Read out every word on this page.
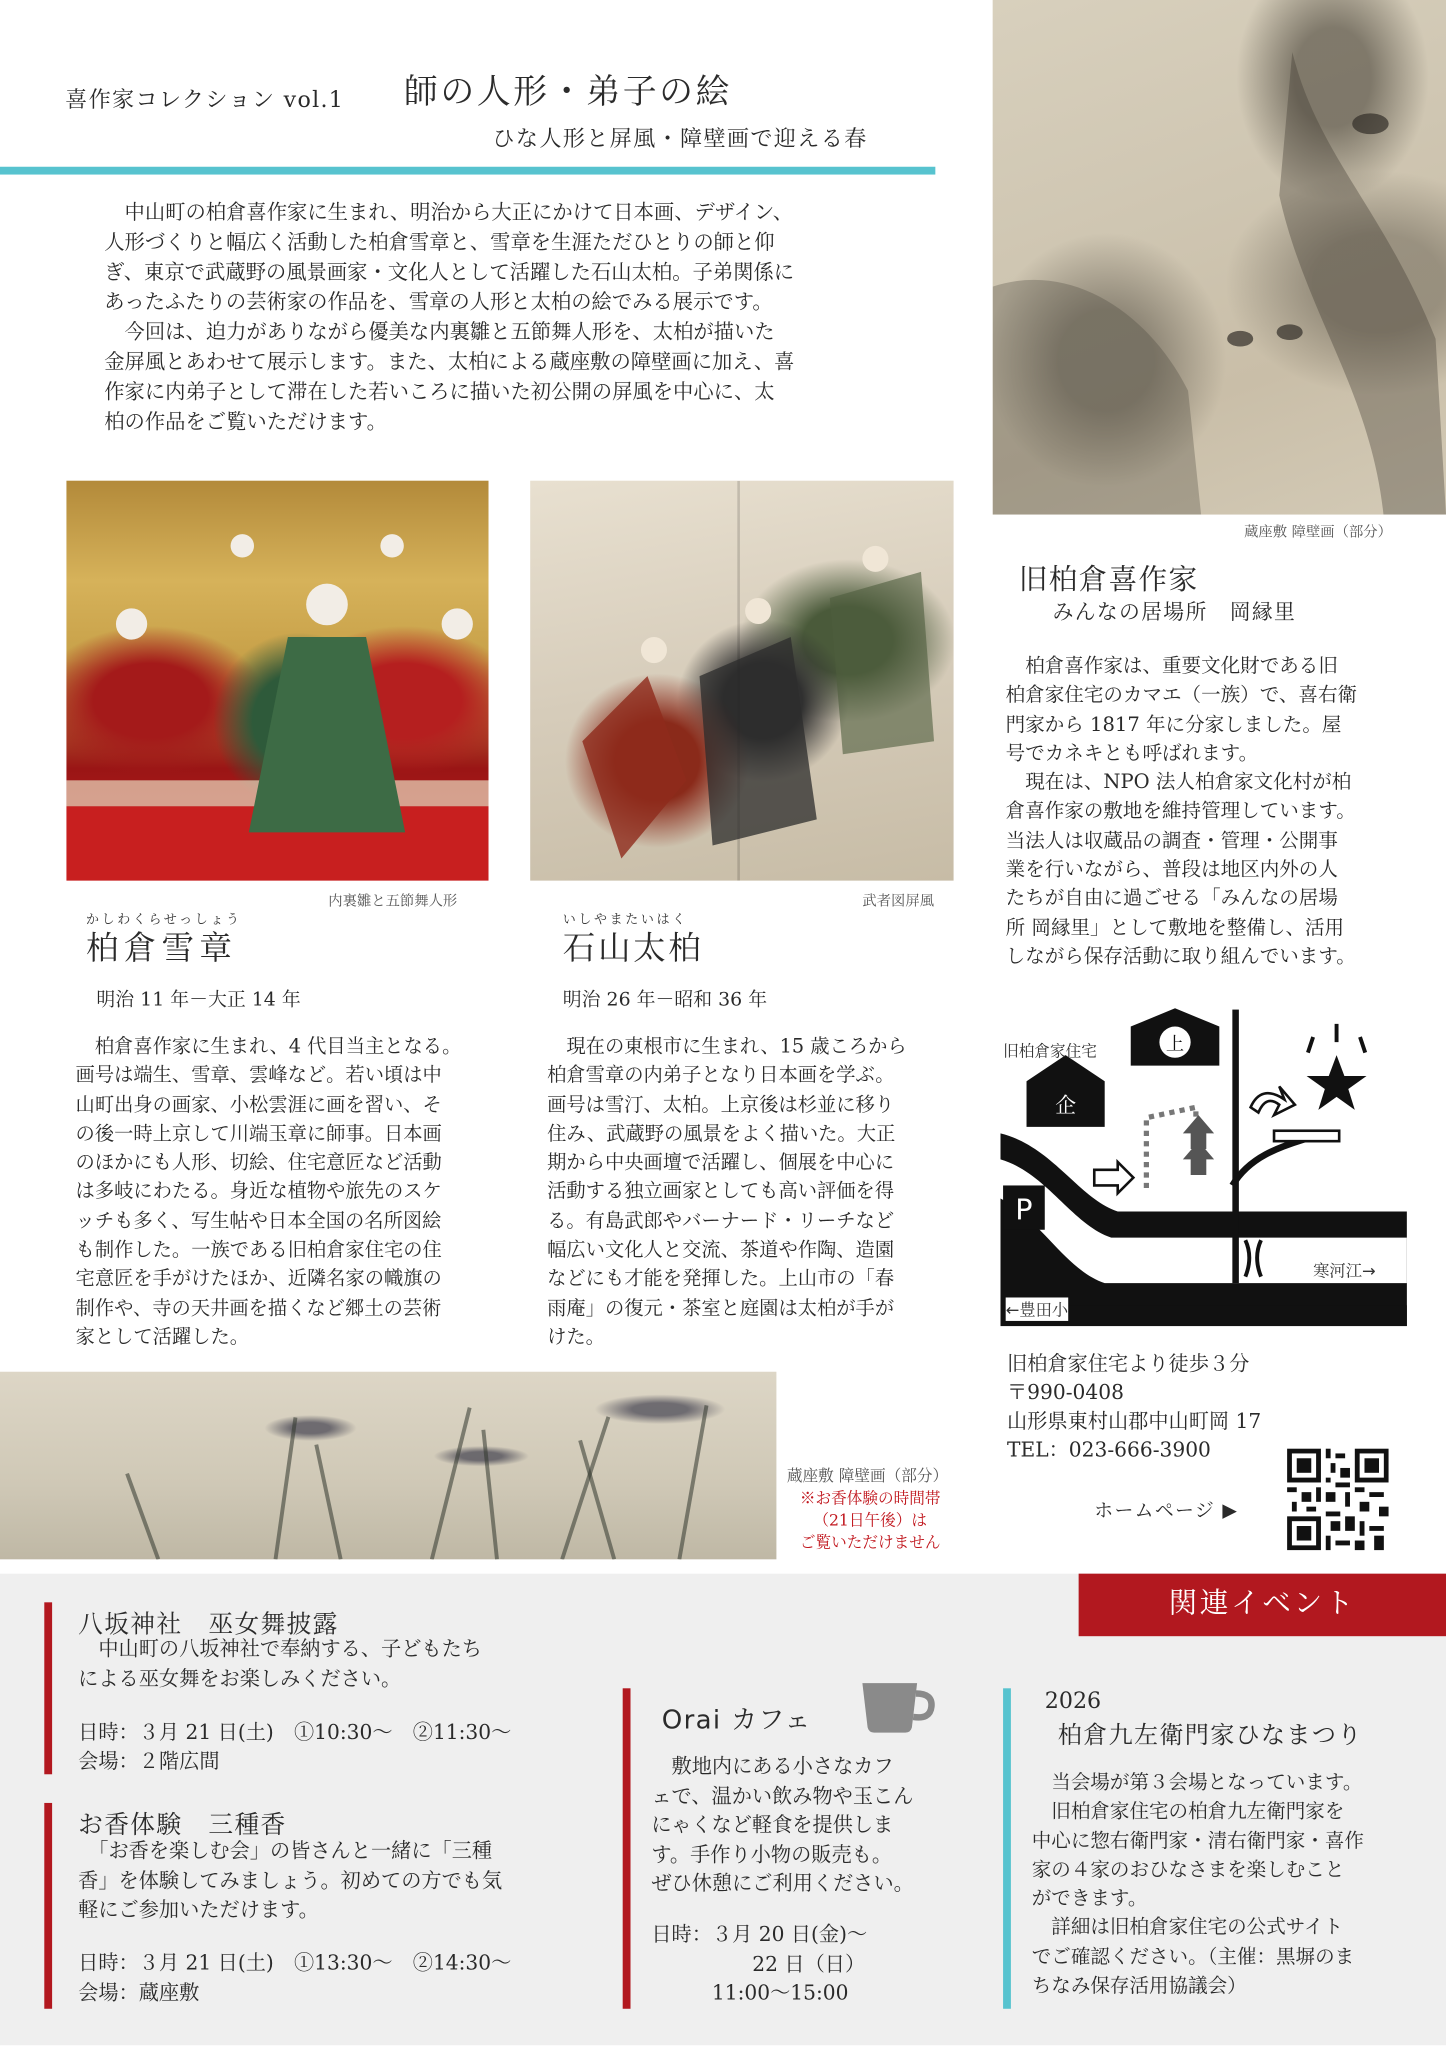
喜作家コレクション vol.1 師の人形・弟子の絵
ひな人形と屏風・障壁画で迎える春

　中山町の柏倉喜作家に生まれ、明治から大正にかけて日本画、デザイン、
人形づくりと幅広く活動した柏倉雪章と、雪章を生涯ただひとりの師と仰
ぎ、東京で武蔵野の風景画家・文化人として活躍した石山太柏。子弟関係に
あったふたりの芸術家の作品を、雪章の人形と太柏の絵でみる展示です。
　今回は、迫力がありながら優美な内裏雛と五節舞人形を、太柏が描いた
金屏風とあわせて展示します。また、太柏による蔵座敷の障壁画に加え、喜
作家に内弟子として滞在した若いころに描いた初公開の屏風を中心に、太
柏の作品をご覧いただけます。

蔵座敷 障壁画（部分）
内裏雛と五節舞人形	武者図屏風
かしわくらせっしょう
柏倉雪章
明治 11 年－大正 14 年

　柏倉喜作家に生まれ、4 代目当主となる。
画号は端生、雪章、雲峰など。若い頃は中
山町出身の画家、小松雲涯に画を習い、そ
の後一時上京して川端玉章に師事。日本画
のほかにも人形、切絵、住宅意匠など活動
は多岐にわたる。身近な植物や旅先のスケ
ッチも多く、写生帖や日本全国の名所図絵
も制作した。一族である旧柏倉家住宅の住
宅意匠を手がけたほか、近隣名家の幟旗の
制作や、寺の天井画を描くなど郷土の芸術
家として活躍した。

いしやまたいはく
石山太柏
明治 26 年－昭和 36 年

　現在の東根市に生まれ、15 歳ころから
柏倉雪章の内弟子となり日本画を学ぶ。
画号は雪汀、太柏。上京後は杉並に移り
住み、武蔵野の風景をよく描いた。大正
期から中央画壇で活躍し、個展を中心に
活動する独立画家としても高い評価を得
る。有島武郎やバーナード・リーチなど
幅広い文化人と交流、茶道や作陶、造園
などにも才能を発揮した。上山市の「春
雨庵」の復元・茶室と庭園は太柏が手が
けた。

旧柏倉喜作家
みんなの居場所　岡縁里

　柏倉喜作家は、重要文化財である旧
柏倉家住宅のカマエ（一族）で、喜右衛
門家から 1817 年に分家しました。屋
号でカネキとも呼ばれます。
　現在は、NPO 法人柏倉家文化村が柏
倉喜作家の敷地を維持管理しています。
当法人は収蔵品の調査・管理・公開事
業を行いながら、普段は地区内外の人
たちが自由に過ごせる「みんなの居場
所 岡縁里」として敷地を整備し、活用
しながら保存活動に取り組んでいます。

企
上
P
旧柏倉家住宅
寒河江→
←豊田小
旧柏倉家住宅より徒歩３分
〒990-0408
山形県東村山郡中山町岡 17
TEL：023-666-3900
ホームページ ▶
蔵座敷 障壁画（部分）
※お香体験の時間帯
（21日午後）は
ご覧いただけません
関連イベント
八坂神社　巫女舞披露

　中山町の八坂神社で奉納する、子どもたち
による巫女舞をお楽しみください。

日時：３月 21 日(土)　①10:30～　②11:30～
会場：２階広間
お香体験　三種香

　「お香を楽しむ会」の皆さんと一緒に「三種
香」を体験してみましょう。初めての方でも気
軽にご参加いただけます。

日時：３月 21 日(土)　①13:30～　②14:30～
会場：蔵座敷
Orai カフェ

　敷地内にある小さなカフ
ェで、温かい飲み物や玉こん
にゃくなど軽食を提供しま
す。手作り小物の販売も。
ぜひ休憩にご利用ください。

日時：３月 20 日(金)～
　　　　　22 日（日）
　　　11:00～15:00

2026
柏倉九左衛門家ひなまつり

　当会場が第３会場となっています。
　旧柏倉家住宅の柏倉九左衛門家を
中心に惣右衛門家・清右衛門家・喜作
家の４家のおひなさまを楽しむこと
ができます。
　詳細は旧柏倉家住宅の公式サイト
でご確認ください。（主催：黒塀のま
ちなみ保存活用協議会）
